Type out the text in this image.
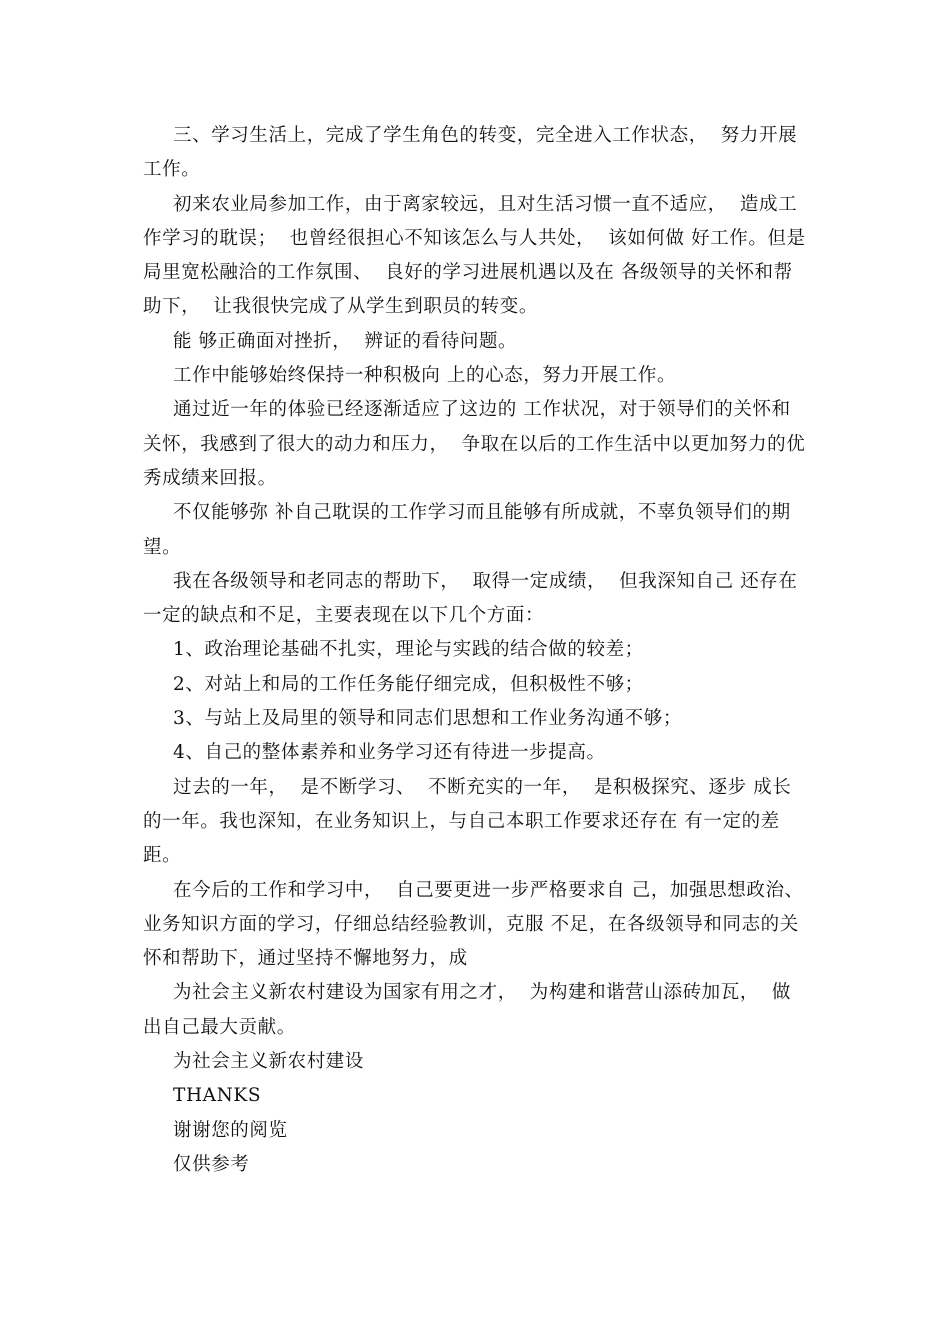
三、学习生活上，完成了学生角色的转变，完全进入工作状态，  努力开展工作。

初来农业局参加工作，由于离家较远，且对生活习惯一直不适应，  造成工作学习的耽误；  也曾经很担心不知该怎么与人共处，  该如何做 好工作。但是局里宽松融洽的工作氛围、  良好的学习进展机遇以及在 各级领导的关怀和帮助下，  让我很快完成了从学生到职员的转变。

能 够正确面对挫折，  辨证的看待问题。

工作中能够始终保持一种积极向 上的心态，努力开展工作。

通过近一年的体验已经逐渐适应了这边的 工作状况，对于领导们的关怀和关怀，我感到了很大的动力和压力，  争取在以后的工作生活中以更加努力的优秀成绩来回报。

不仅能够弥 补自己耽误的工作学习而且能够有所成就，不辜负领导们的期望。

我在各级领导和老同志的帮助下，  取得一定成绩，  但我深知自己 还存在一定的缺点和不足，主要表现在以下几个方面：

1、政治理论基础不扎实，理论与实践的结合做的较差；

2、对站上和局的工作任务能仔细完成，但积极性不够；

3、与站上及局里的领导和同志们思想和工作业务沟通不够；

4、自己的整体素养和业务学习还有待进一步提高。

过去的一年，  是不断学习、  不断充实的一年，  是积极探究、逐步 成长的一年。我也深知，在业务知识上，与自己本职工作要求还存在 有一定的差距。

在今后的工作和学习中，  自己要更进一步严格要求自 己，加强思想政治、业务知识方面的学习，仔细总结经验教训，克服 不足，在各级领导和同志的关怀和帮助下，通过坚持不懈地努力，成

为社会主义新农村建设为国家有用之才，  为构建和谐营山添砖加瓦，  做出自己最大贡献。

为社会主义新农村建设

THANKS

谢谢您的阅览

仅供参考
